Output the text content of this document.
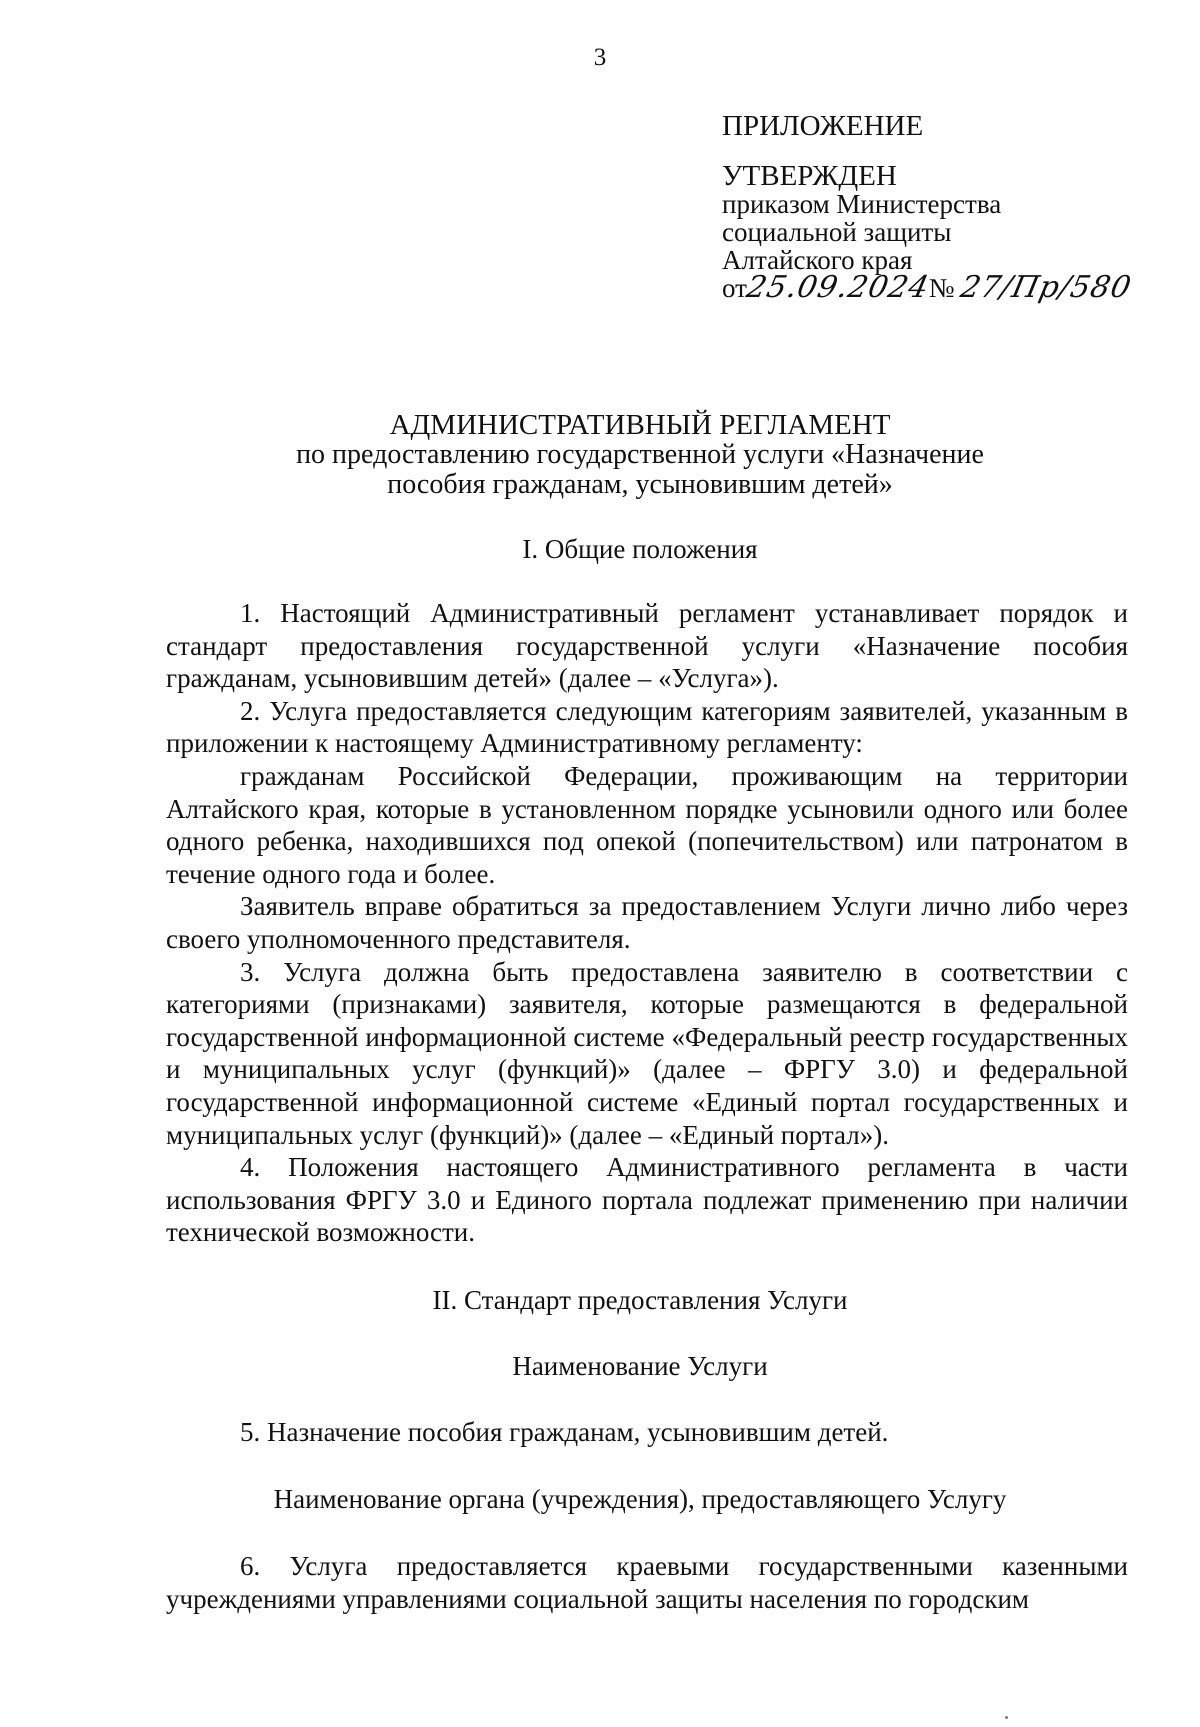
3
ПРИЛОЖЕНИЕ
УТВЕРЖДЕН
приказом Министерства
социальной защиты
Алтайского края
от25.09.2024№ 27/Пр/580
АДМИНИСТРАТИВНЫЙ РЕГЛАМЕНТ
по предоставлению государственной услуги «Назначение
пособия гражданам, усыновившим детей»
I. Общие положения

1. Настоящий Административный регламент устанавливает порядок и стандарт предоставления государственной услуги «Назначение пособия гражданам, усыновившим детей» (далее – «Услуга»).

2. Услуга предоставляется следующим категориям заявителей, указанным в приложении к настоящему Административному регламенту:

гражданам Российской Федерации, проживающим на территории Алтайского края, которые в установленном порядке усыновили одного или более одного ребенка, находившихся под опекой (попечительством) или патронатом в течение одного года и более.

Заявитель вправе обратиться за предоставлением Услуги лично либо через своего уполномоченного представителя.

3. Услуга должна быть предоставлена заявителю в соответствии с категориями (признаками) заявителя, которые размещаются в федеральной государственной информационной системе «Федеральный реестр государственных и муниципальных услуг (функций)» (далее – ФРГУ 3.0) и федеральной государственной информационной системе «Единый портал государственных и муниципальных услуг (функций)» (далее – «Единый портал»).

4. Положения настоящего Административного регламента в части использования ФРГУ 3.0 и Единого портала подлежат применению при наличии технической возможности.

II. Стандарт предоставления Услуги
Наименование Услуги

5. Назначение пособия гражданам, усыновившим детей.

Наименование органа (учреждения), предоставляющего Услугу

6. Услуга предоставляется краевыми государственными казенными учреждениями управлениями социальной защиты населения по городским
